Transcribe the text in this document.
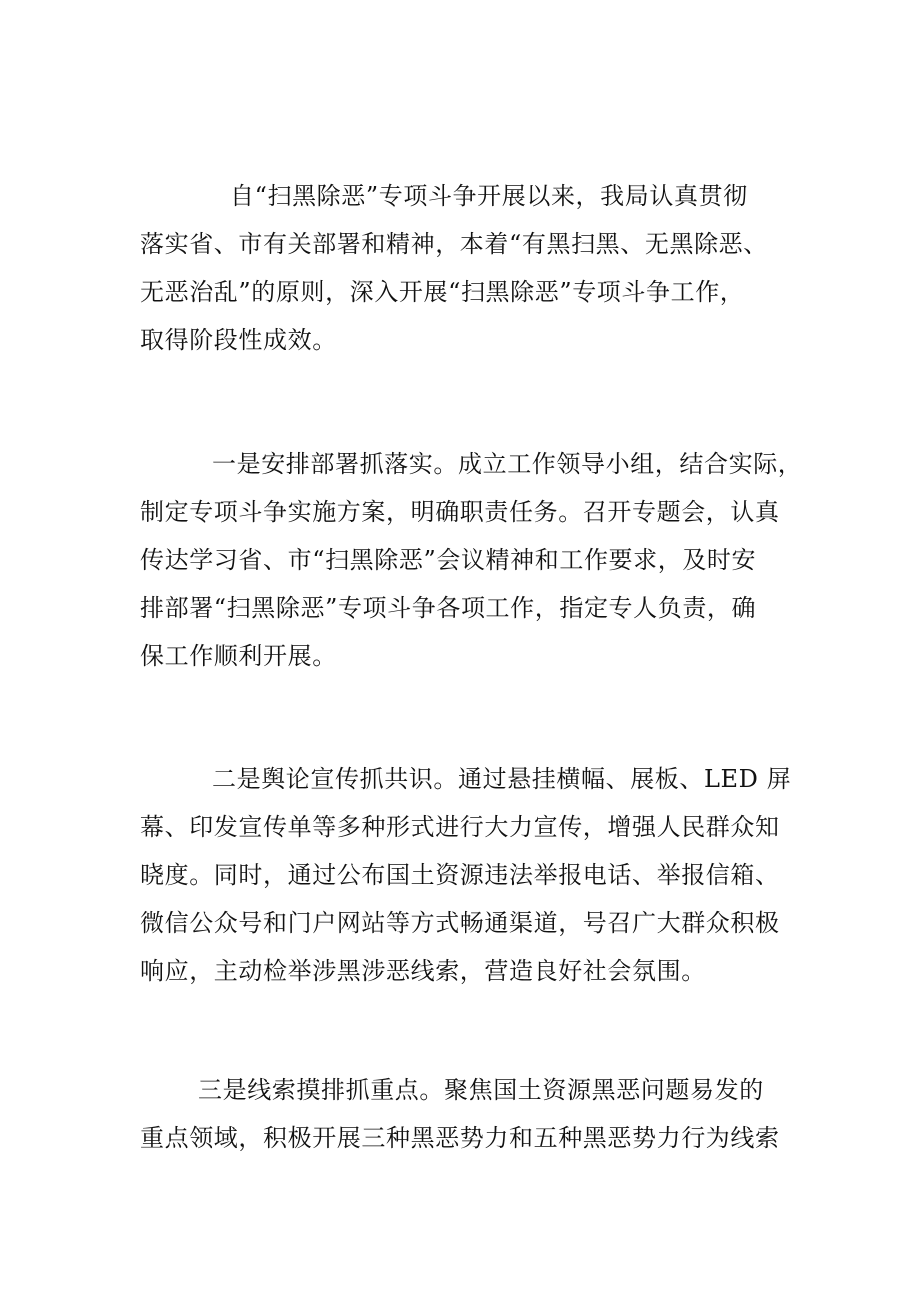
自“扫黑除恶”专项斗争开展以来，我局认真贯彻
落实省、市有关部署和精神，本着“有黑扫黑、无黑除恶、
无恶治乱”的原则，深入开展“扫黑除恶”专项斗争工作，
取得阶段性成效。
一是安排部署抓落实。成立工作领导小组，结合实际，
制定专项斗争实施方案，明确职责任务。召开专题会，认真
传达学习省、市“扫黑除恶”会议精神和工作要求，及时安
排部署“扫黑除恶”专项斗争各项工作，指定专人负责，确
保工作顺利开展。
二是舆论宣传抓共识。通过悬挂横幅、展板、LED 屏
幕、印发宣传单等多种形式进行大力宣传，增强人民群众知
晓度。同时，通过公布国土资源违法举报电话、举报信箱、
微信公众号和门户网站等方式畅通渠道，号召广大群众积极
响应，主动检举涉黑涉恶线索，营造良好社会氛围。
三是线索摸排抓重点。聚焦国土资源黑恶问题易发的
重点领域，积极开展三种黑恶势力和五种黑恶势力行为线索
